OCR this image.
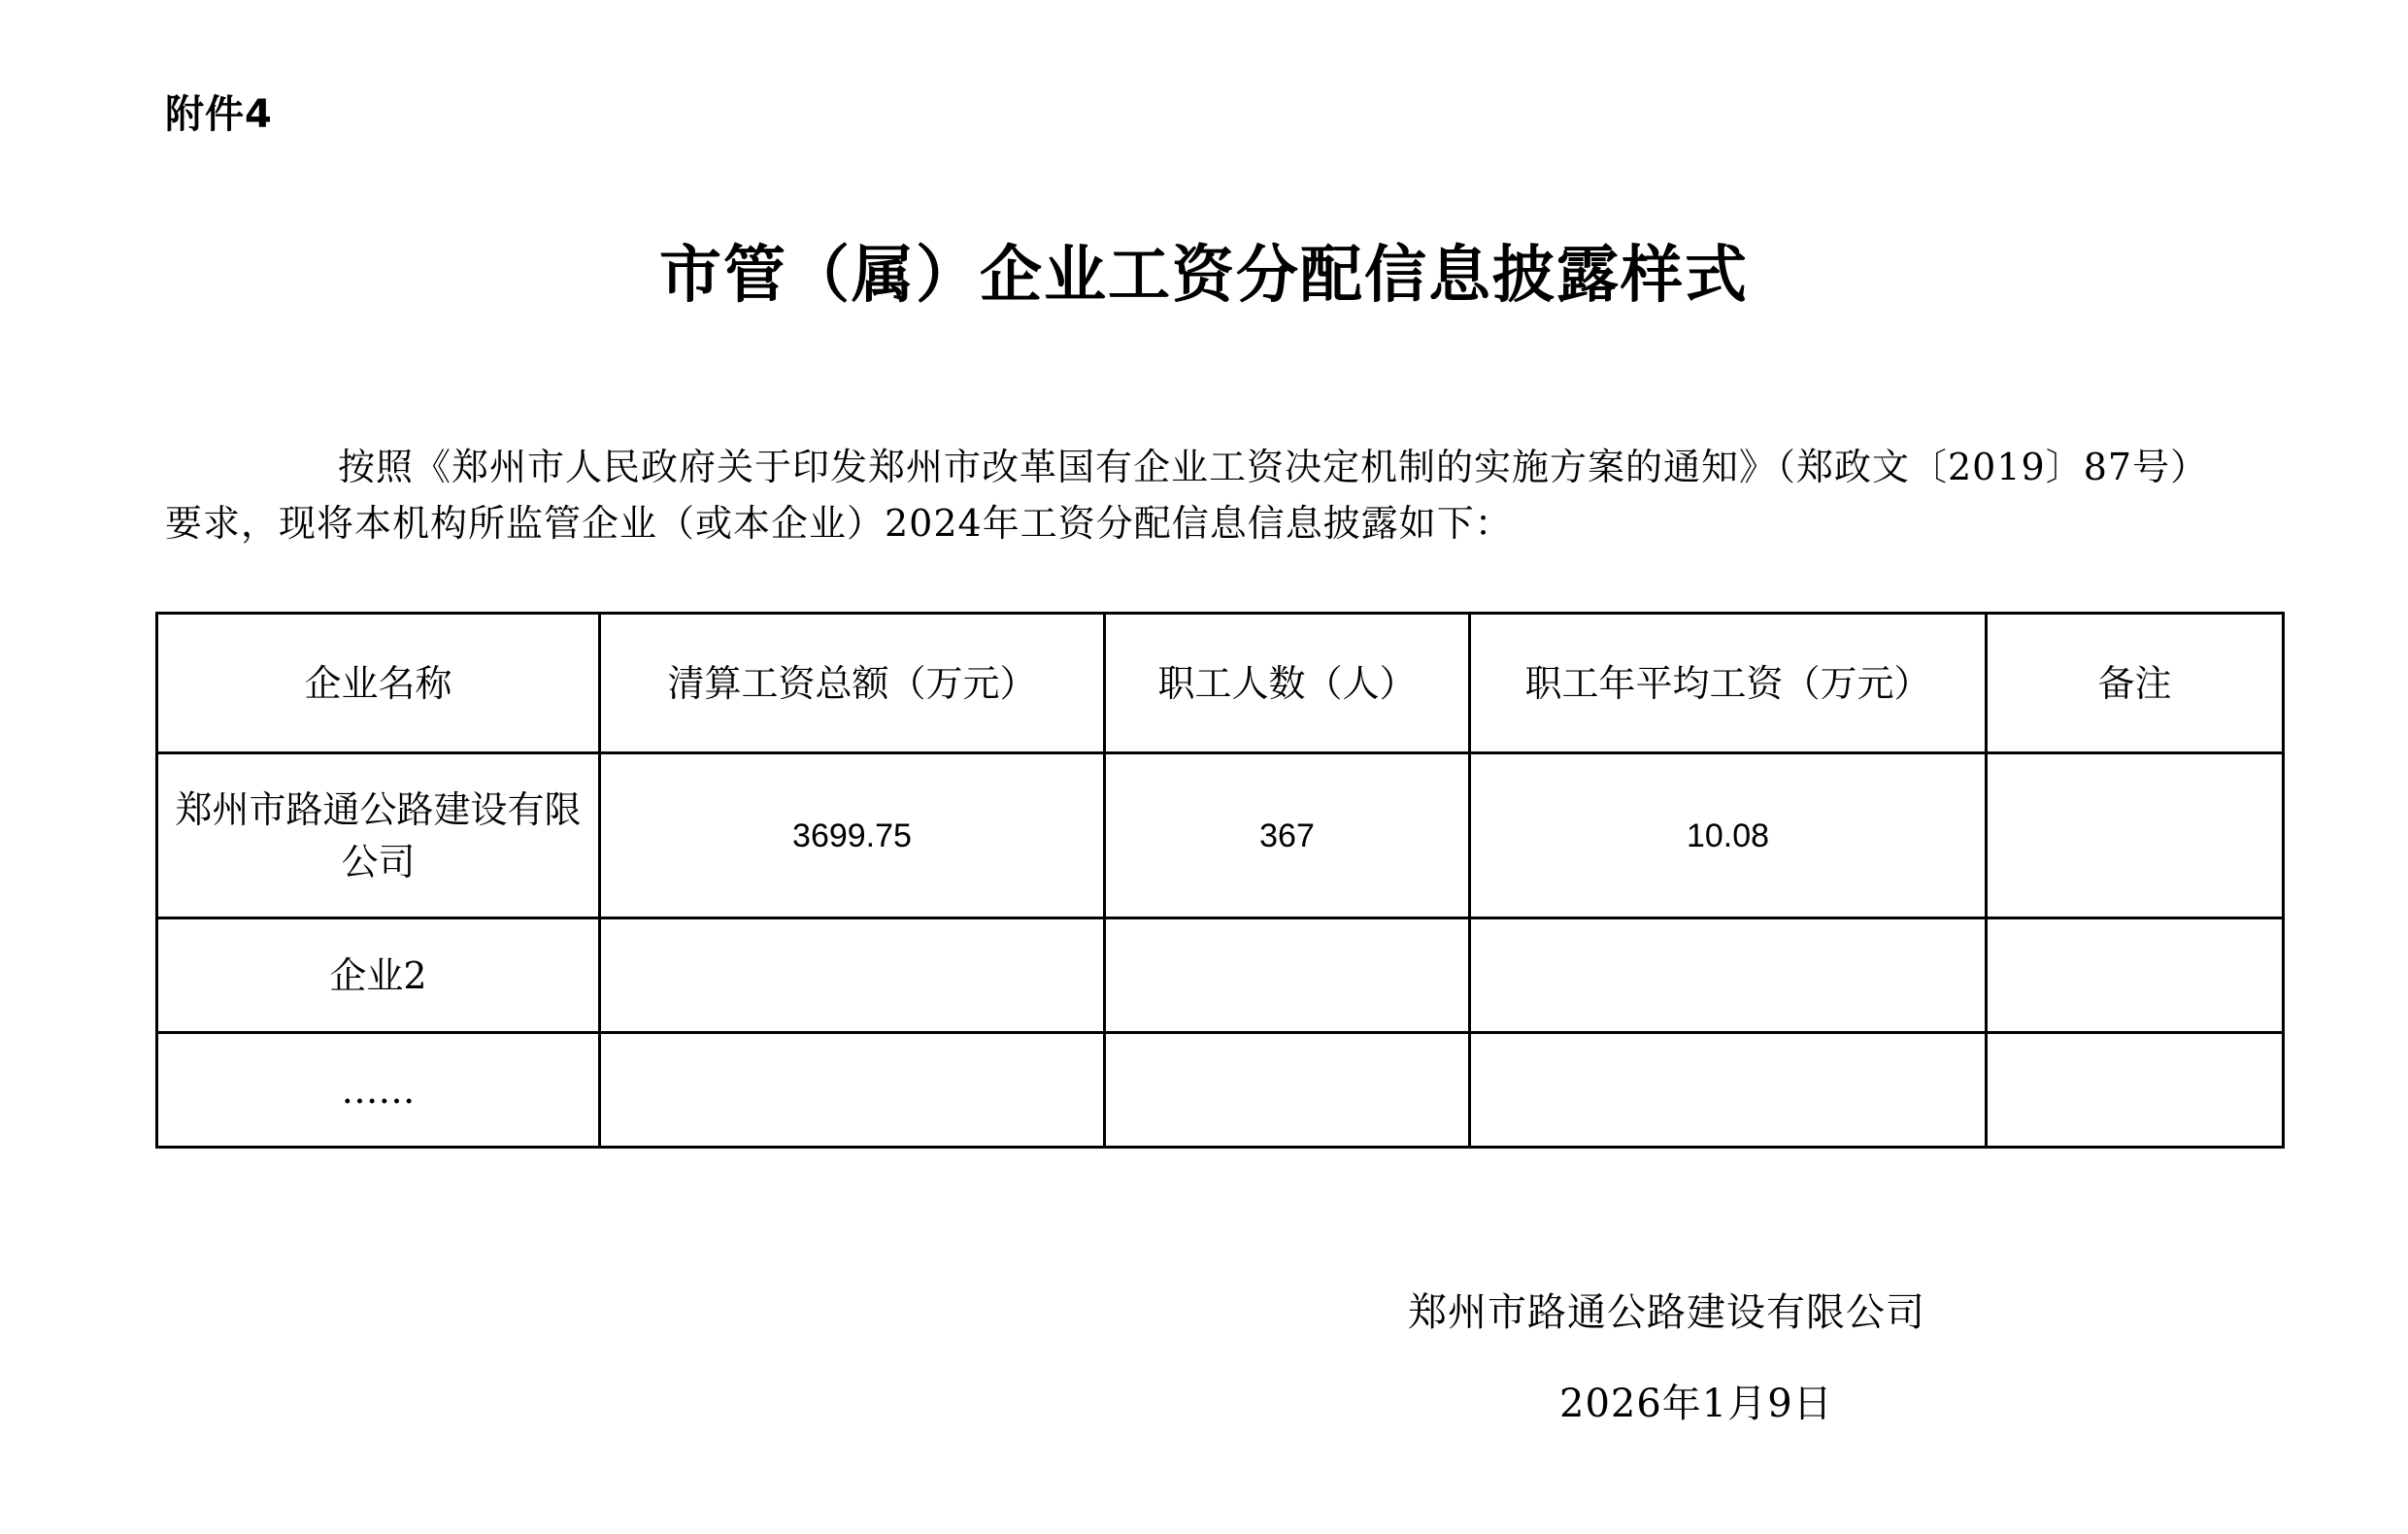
附件4
市管（属）企业工资分配信息披露样式
按照《郑州市人民政府关于印发郑州市改革国有企业工资决定机制的实施方案的通知》（郑政文〔2019〕87号）要求，现将本机构所监管企业（或本企业）2024年工资分配信息信息披露如下：
企业名称	清算工资总额（万元）	职工人数（人）	职工年平均工资（万元）	备注
郑州市路通公路建设有限公司	3699.75	367	10.08	
企业2				
……				
郑州市路通公路建设有限公司
2026年1月9日
